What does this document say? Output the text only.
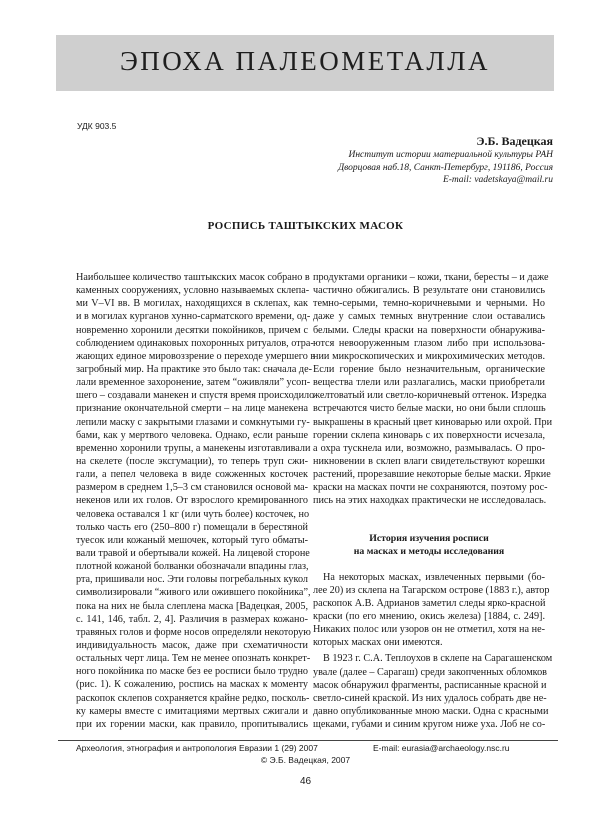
ЭПОХА ПАЛЕОМЕТАЛЛА
УДК 903.5
Э.Б. Вадецкая
Институт истории материальной культуры РАН
Дворцовая наб.18, Санкт-Петербург, 191186, Россия
E-mail: vadetskaya@mail.ru
РОСПИСЬ ТАШТЫКСКИХ МАСОК
Наибольшее количество таштыкских масок собрано в
каменных сооружениях, условно называемых склепа-
ми V–VI вв. В могилах, находящихся в склепах, как
и в могилах курганов хунно-сарматского времени, од-
новременно хоронили десятки покойников, причем с
соблюдением одинаковых похоронных ритуалов, отра-
жающих единое мировоззрение о переходе умершего в
загробный мир. На практике это было так: сначала де-
лали временное захоронение, затем “оживляли” усоп-
шего – создавали манекен и спустя время происходило
признание окончательной смерти – на лице манекена
лепили маску с закрытыми глазами и сомкнутыми гу-
бами, как у мертвого человека. Однако, если раньше
временно хоронили трупы, а манекены изготавливали
на скелете (после эксгумации), то теперь труп сжи-
гали, а пепел человека в виде сожженных косточек
размером в среднем 1,5–3 см становился основой ма-
некенов или их голов. От взрослого кремированного
человека оставался 1 кг (или чуть более) косточек, но
только часть его (250–800 г) помещали в берестяной
туесок или кожаный мешочек, который туго обматы-
вали травой и обертывали кожей. На лицевой стороне
плотной кожаной болванки обозначали впадины глаз,
рта, пришивали нос. Эти головы погребальных кукол
символизировали “живого или ожившего покойника”,
пока на них не была слеплена маска [Вадецкая, 2005,
с. 141, 146, табл. 2, 4]. Различия в размерах кожано-
травяных голов и форме носов определяли некоторую
индивидуальность масок, даже при схематичности
остальных черт лица. Тем не менее опознать конкрет-
ного покойника по маске без ее росписи было трудно
(рис. 1). К сожалению, роспись на масках к моменту
раскопок склепов сохраняется крайне редко, посколь-
ку камеры вместе с имитациями мертвых сжигали и
при их горении маски, как правило, пропитывались
продуктами органики – кожи, ткани, бересты – и даже
частично обжигались. В результате они становились
темно-серыми, темно-коричневыми и черными. Но
даже у самых темных внутренние слои оставались
белыми. Следы краски на поверхности обнаружива-
ются невооруженным глазом либо при использова-
нии микроскопических и микрохимических методов.
Если горение было незначительным, органические
вещества тлели или разлагались, маски приобретали
желтоватый или светло-коричневый оттенок. Изредка
встречаются чисто белые маски, но они были сплошь
выкрашены в красный цвет киноварью или охрой. При
горении склепа киноварь с их поверхности исчезала,
а охра тускнела или, возможно, размывалась. О про-
никновении в склеп влаги свидетельствуют корешки
растений, прорезавшие некоторые белые маски. Яркие
краски на масках почти не сохраняются, поэтому рос-
пись на этих находках практически не исследовалась.
История изучения росписи
на масках и методы исследования
На некоторых масках, извлеченных первыми (бо-
лее 20) из склепа на Тагарском острове (1883 г.), автор
раскопок А.В. Адрианов заметил следы ярко-красной
краски (по его мнению, окись железа) [1884, с. 249].
Никаких полос или узоров он не отметил, хотя на не-
которых масках они имеются.
В 1923 г. С.А. Теплоухов в склепе на Сарагашенском
увале (далее – Сарагаш) среди закопченных обломков
масок обнаружил фрагменты, расписанные красной и
светло-синей краской. Из них удалось собрать две не-
давно опубликованные мною маски. Одна с красными
щеками, губами и синим кругом ниже уха. Лоб не со-
Археология, этнография и антропология Евразии 1 (29) 2007	E-mail: eurasia@archaeology.nsc.ru
© Э.Б. Вадецкая, 2007
46
